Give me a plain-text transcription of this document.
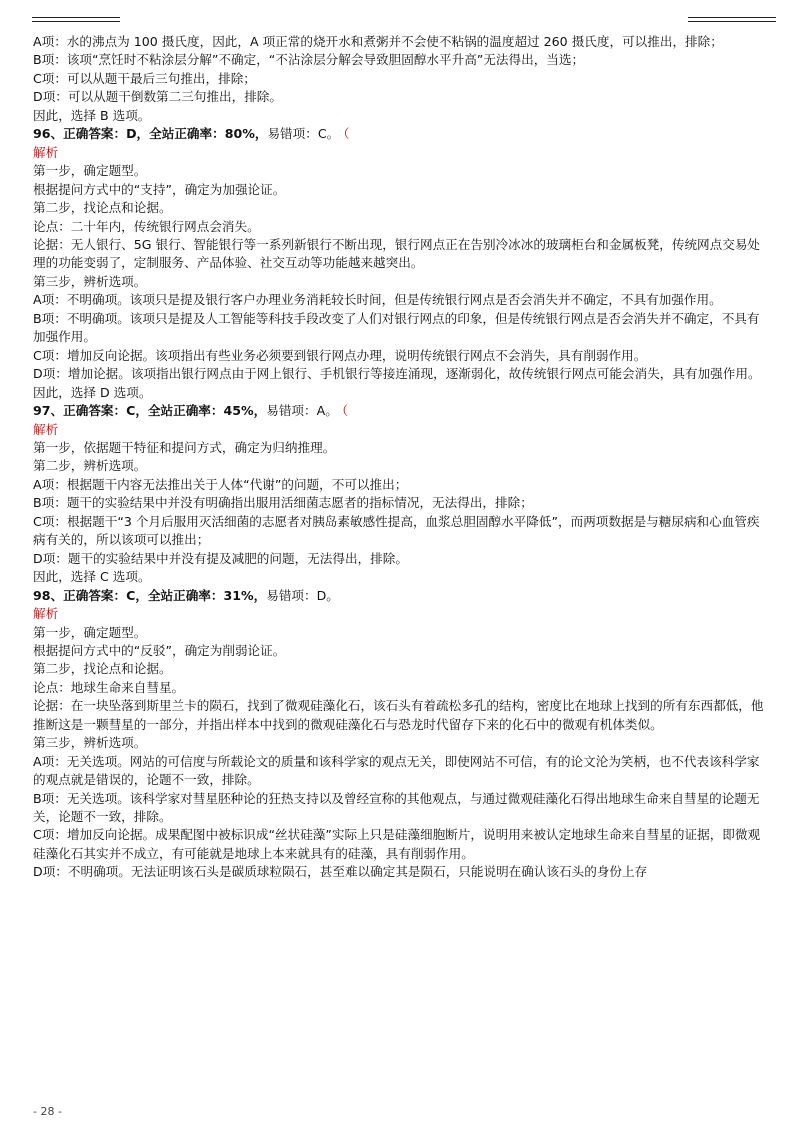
A项：水的沸点为 100 摄氏度，因此，A 项正常的烧开水和煮粥并不会使不粘锅的温度超过 260 摄氏度，可以推出，排除；

B项：该项“烹饪时不粘涂层分解”不确定，“不沾涂层分解会导致胆固醇水平升高”无法得出，当选；

C项：可以从题干最后三句推出，排除；

D项：可以从题干倒数第二三句推出，排除。

因此，选择 B 选项。

96、正确答案：D，全站正确率：80%，易错项：C。 （

解析

第一步，确定题型。

根据提问方式中的“支持”，确定为加强论证。

第二步，找论点和论据。

论点：二十年内，传统银行网点会消失。

论据：无人银行、5G 银行、智能银行等一系列新银行不断出现，银行网点正在告别冷冰冰的玻璃柜台和金属板凳，传统网点交易处理的功能变弱了，定制服务、产品体验、社交互动等功能越来越突出。

第三步，辨析选项。

A项：不明确项。该项只是提及银行客户办理业务消耗较长时间，但是传统银行网点是否会消失并不确定，不具有加强作用。

B项：不明确项。该项只是提及人工智能等科技手段改变了人们对银行网点的印象，但是传统银行网点是否会消失并不确定，不具有加强作用。

C项：增加反向论据。该项指出有些业务必须要到银行网点办理，说明传统银行网点不会消失，具有削弱作用。

D项：增加论据。该项指出银行网点由于网上银行、手机银行等接连涌现，逐渐弱化，故传统银行网点可能会消失，具有加强作用。

因此，选择 D 选项。

97、正确答案：C，全站正确率：45%，易错项：A。 （

解析

第一步，依据题干特征和提问方式，确定为归纳推理。

第二步，辨析选项。

A项：根据题干内容无法推出关于人体“代谢”的问题，不可以推出；

B项：题干的实验结果中并没有明确指出服用活细菌志愿者的指标情况，无法得出，排除；

C项：根据题干“3 个月后服用灭活细菌的志愿者对胰岛素敏感性提高，血浆总胆固醇水平降低”，而两项数据是与糖尿病和心血管疾病有关的，所以该项可以推出；

D项：题干的实验结果中并没有提及减肥的问题，无法得出，排除。

因此，选择 C 选项。

98、正确答案：C，全站正确率：31%，易错项：D。

解析

第一步，确定题型。

根据提问方式中的“反驳”，确定为削弱论证。

第二步，找论点和论据。

论点：地球生命来自彗星。

论据：在一块坠落到斯里兰卡的陨石，找到了微观硅藻化石，该石头有着疏松多孔的结构，密度比在地球上找到的所有东西都低，他推断这是一颗彗星的一部分，并指出样本中找到的微观硅藻化石与恐龙时代留存下来的化石中的微观有机体类似。

第三步，辨析选项。

A项：无关选项。网站的可信度与所载论文的质量和该科学家的观点无关，即使网站不可信，有的论文沦为笑柄，也不代表该科学家的观点就是错误的，论题不一致，排除。

B项：无关选项。该科学家对彗星胚种论的狂热支持以及曾经宣称的其他观点，与通过微观硅藻化石得出地球生命来自彗星的论题无关，论题不一致，排除。

C项：增加反向论据。成果配图中被标识成“丝状硅藻”实际上只是硅藻细胞断片，说明用来被认定地球生命来自彗星的证据，即微观硅藻化石其实并不成立，有可能就是地球上本来就具有的硅藻，具有削弱作用。

D项：不明确项。无法证明该石头是碳质球粒陨石，甚至难以确定其是陨石，只能说明在确认该石头的身份上存

- 28 -
